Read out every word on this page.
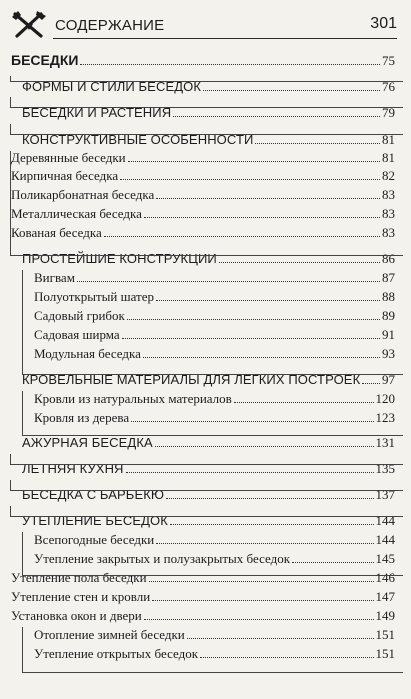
СОДЕРЖАНИЕ	301
БЕСЕДКИ	75
ФОРМЫ И СТИЛИ БЕСЕДОК	76
БЕСЕДКИ И РАСТЕНИЯ	79
КОНСТРУКТИВНЫЕ ОСОБЕННОСТИ	81
Деревянные беседки	81
Кирпичная беседка	82
Поликарбонатная беседка	83
Металлическая беседка	83
Кованая беседка	83
ПРОСТЕЙШИЕ КОНСТРУКЦИИ	86
Вигвам	87
Полуоткрытый шатер	88
Садовый грибок	89
Садовая ширма	91
Модульная беседка	93
КРОВЕЛЬНЫЕ МАТЕРИАЛЫ ДЛЯ ЛЕГКИХ ПОСТРОЕК 97
Кровли из натуральных материалов	120
Кровля из дерева	123
АЖУРНАЯ БЕСЕДКА	131
ЛЕТНЯЯ КУХНЯ	135
БЕСЕДКА С БАРБЕКЮ	137
УТЕПЛЕНИЕ БЕСЕДОК	144
Всепогодные беседки	144
Утепление закрытых и полузакрытых беседок	145
Утепление пола беседки	146
Утепление стен и кровли	147
Установка окон и двери	149
Отопление зимней беседки	151
Утепление открытых беседок	151
